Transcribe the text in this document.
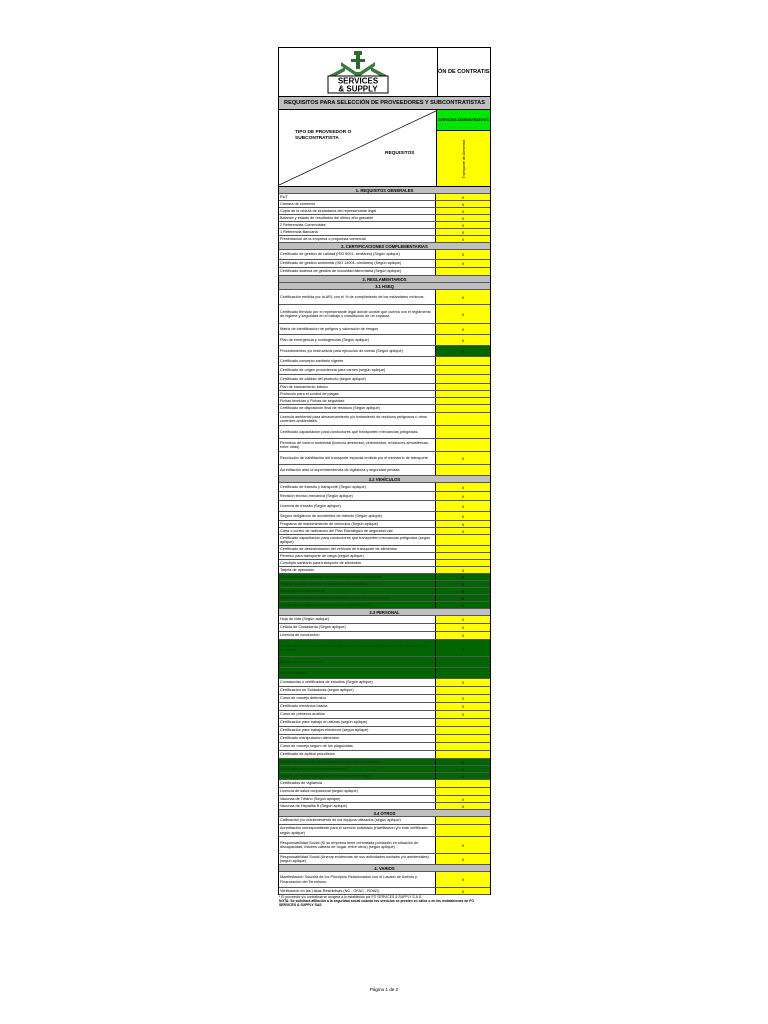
SERVICES
& SUPPLY
ÓN DE CONTRATIS
REQUISITOS PARA SELECCIÓN DE PROVEEDORES Y SUBCONTRATISTAS
TIPO DE PROVEEDOR O SUBCONTRATISTA
REQUISITOS
SERVICIOS ADMINISTRATIVOS
Transporte de Alimentos
1. REQUISITOS GENERALES
RUT	X
Cámara de comercio	X
Copia de la cédula de ciudadanía del representante legal	X
Balance y estado de resultados del último año gravable	X
2 Referencias Comerciales	X
1 Referencia Bancaria	X
Presentación de la empresa o propuesta comercial	X
2. CERTIFICACIONES COMPLEMENTARIAS
Certificado de gestión de calidad (ISO 9001- similares) (Según aplique)	X
Certificado de gestión ambiental (ISO 14001- similares) (Según aplique)	X
Certificado sistema de gestión de inocuidad alimentaria (Según aplique)
3. REGLAMENTARIOS
3.1 HSEQ
Certificación emitida por la ARL con el % de cumplimiento de los estándares mínimos.	X
Certificado firmado por el representante legal donde conste que cuenta con el reglamento de higiene y seguridad en el trabajo y constitución de un copasst.	X
Matriz de identificación de peligros y valoración de riesgos	X
Plan de emergencia y contingencias (Según aplique)	X
Procedimientos y/o instructivos para ejecución de tareas (Según aplique)	X
Certificado concepto sanitario vigente
Certificado de origen procedencia para carnes (según aplique)
Certificado de calidad del producto (según aplique)
Plan de saneamiento básico
Protocolo para el control de plagas
Fichas técnicas y Fichas de seguridad
Certificado de disposición final de residuos (Según aplique)
Licencia ambiental para almacenamiento y/o tratamiento de residuos peligrosos u otros controles ambientales.
Certificado capacitación para conductores que transporten mercancías peligrosas.
Permisos de control ambiental (licencia ambiental, vertimientos, emisiones atmosféricas, entre otras)
Resolución de habilitación del transporte especial emitida por el ministerio de transporte	X
Acreditación ante la superintendencia de vigilancia y seguridad privada
3.2 VEHÍCULOS
Certificado de tránsito y transporte (Según aplique)	X
Revisión técnico mecánica (Según aplique)	X
Licencia de tránsito (Según aplique)	X
Seguro obligatorio de accidentes de tránsito (Según aplique)	X
Programa de mantenimiento de vehículos (Según aplique)	X
Carta o correo de radicación del Plan Estratégico de seguridad vial	X
Certificado capacitación para conductores que transporten mercancías peligrosas (según aplique)
Certificado de desinsectación del vehículo de transporte de alimentos
Permiso para transporte de carga (según aplique)
Concepto sanitario para transporte de alimentos
Tarjeta de operación	X
Póliza de responsabilidad civil contractual y extracontractual	X
Hoja de vida del vehículo (mantenimientos anuales)	X
Inspección preoperacional	X
Certificación revisión bimestral preventiva vehículos a dos frentes	X
Certificado de afiliación del vehículo a empresa de GPS	X
3.3 PERSONAL
Hoja de vida (Según aplique)	X
Cédula de Ciudadanía (Según aplique)	X
Licencia de conducción	X
Certificados de antecedentes Disciplinarios, de responsabilidad fiscal, de antecedentes judiciales	X
Manejo de competencias
Examen básico
Constancias o certificados de estudios (Según aplique)	X
Certificación en Soldaduras (según aplique)
Curso de manejo defensivo	X
Certificado mecánica básica	X
Curso de primeros auxilios	X
Certificación para trabajo en alturas (según aplique)
Certificación para trabajos eléctricos (según aplique)
Certificado manipulación alimentos
Curso de manejo seguro de los plaguicidas
Certificado de aptitud psicofísica
Certificado de manejo de sustancias peligrosas y químicas	X
Certificado de cursos en trabajo seguro	X
Soporte de pago de seguridad social (afiliación) riesgos	X
Certificados de vigilancia
Licencia de salud ocupacional (según aplique)
Vacunas de Tétano (Según aplique)	X
Vacunas de Hepatitis B (Según aplique)	X
3.4 OTROS
Calibración y/o mantenimiento de los equipos utilizados (según aplique)
Acreditación correspondiente para el servicio solicitado (Habilitación y/o ente certificado según aplique)
Responsabilidad Social (Si su empresa tiene contratada población en situación de discapacidad, madres cabeza de hogar, entre otros) (según aplique)	X
Responsabilidad Social (Anexar evidencias de sus actividades sociales y/o ambientales) (según aplique)	X
4. VARIOS
Manifestación Suscrita de los Principios Relacionados con el Lavado de Activos y Financiación del Terrorismo	X
Verificación en las Listas Restrictivas (NC - OFAC - ROAD)	X
* El proveedor y/o contratista se acogerá a lo establecido por FO SERVICES & SUPPLY S.A.S.
NOTA: Se solicitará afiliación a la seguridad social cuando los servicios se presten en sitios o en las instalaciones de FO SERVICES & SUPPLY SAS
Página 1 de 2
